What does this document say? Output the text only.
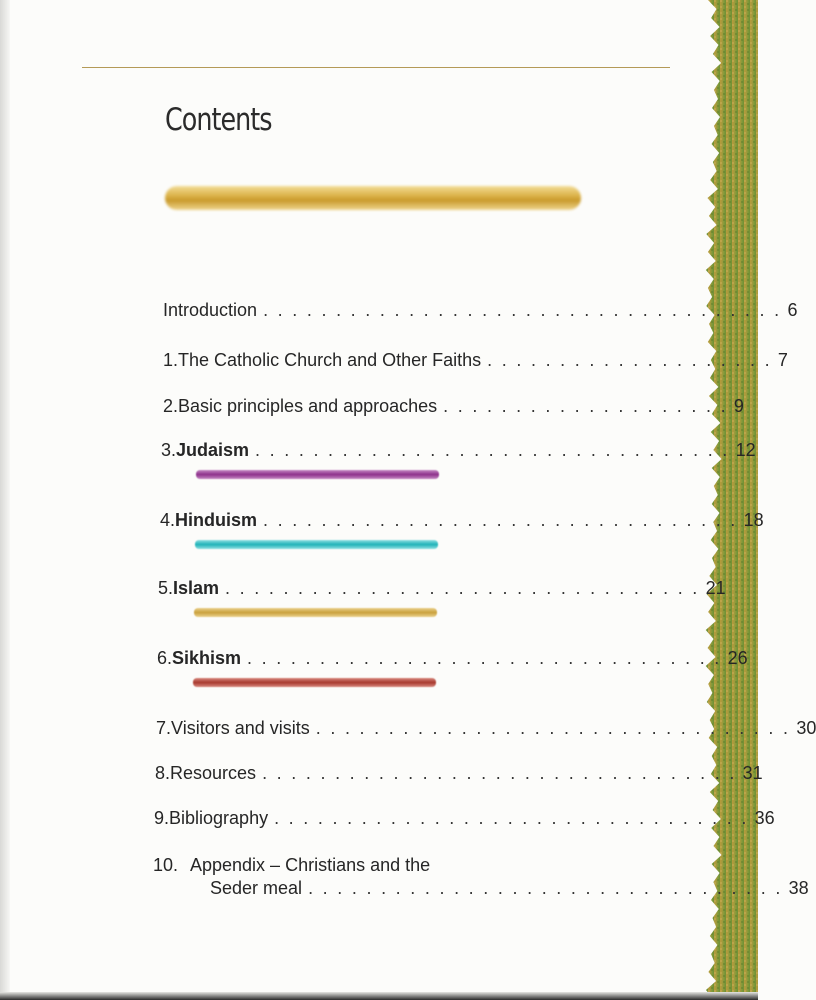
Contents
Introduction . . . . . . . . . . . . . . . . . . . . . . . . . . . . . . . . . . . . 6
1. The Catholic Church and Other Faiths . . . . . . . . . . . . . . . . . . . . 7
2. Basic principles and approaches . . . . . . . . . . . . . . . . . . . . 9
3. Judaism . . . . . . . . . . . . . . . . . . . . . . . . . . . . . . . . . 12
4. Hinduism . . . . . . . . . . . . . . . . . . . . . . . . . . . . . . . . . 18
5. Islam . . . . . . . . . . . . . . . . . . . . . . . . . . . . . . . . . 21
6. Sikhism . . . . . . . . . . . . . . . . . . . . . . . . . . . . . . . . . 26
7. Visitors and visits . . . . . . . . . . . . . . . . . . . . . . . . . . . . . . . . . 30
8. Resources . . . . . . . . . . . . . . . . . . . . . . . . . . . . . . . . . 31
9. Bibliography . . . . . . . . . . . . . . . . . . . . . . . . . . . . . . . . . 36
10. Appendix – Christians and the
Seder meal . . . . . . . . . . . . . . . . . . . . . . . . . . . . . . . . . 38
